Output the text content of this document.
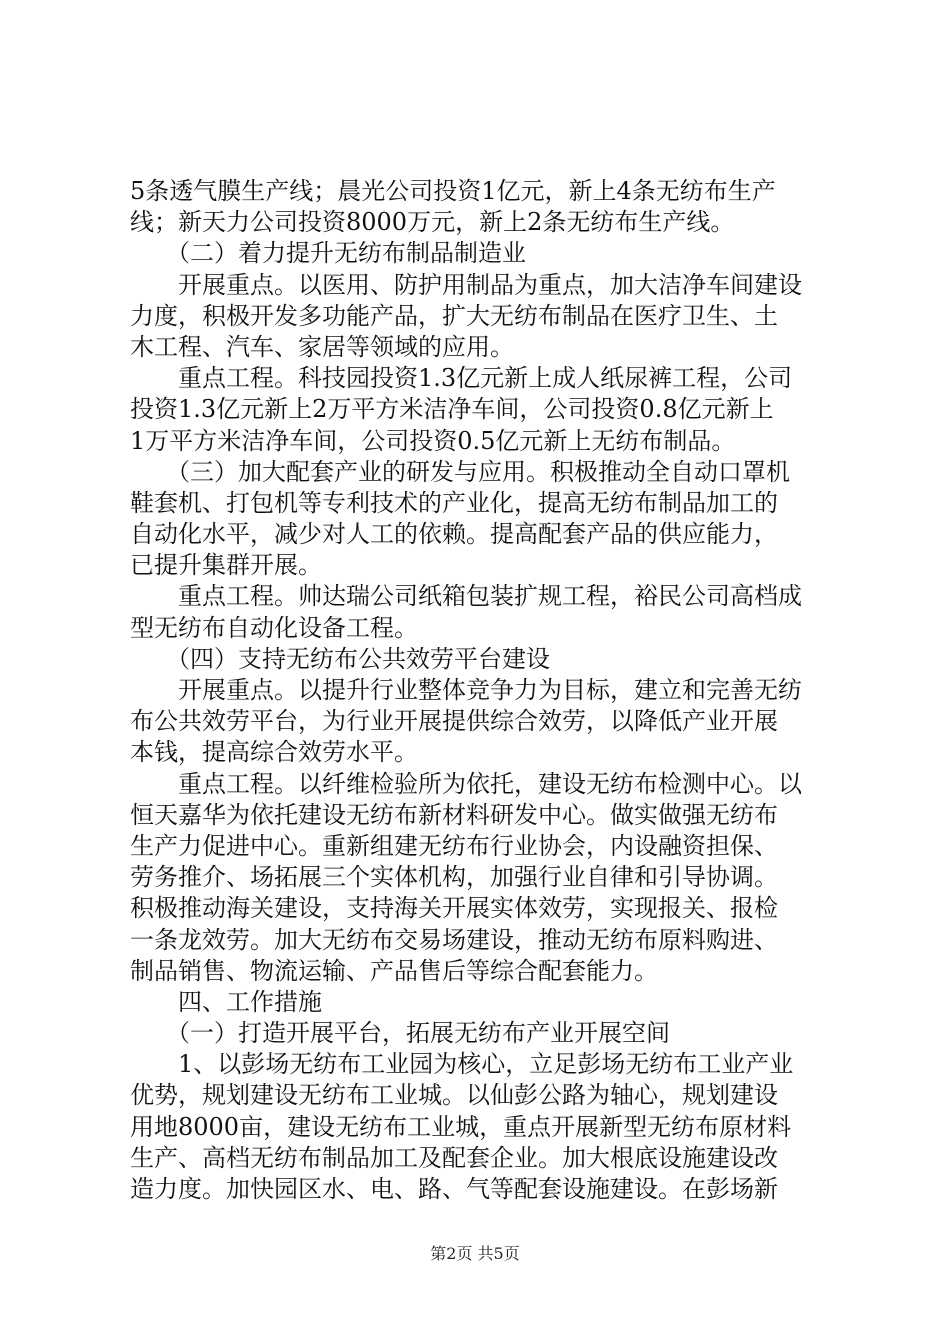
5条透气膜生产线；晨光公司投资1亿元，新上4条无纺布生产
线；新天力公司投资8000万元，新上2条无纺布生产线。
　　（二）着力提升无纺布制品制造业
　　开展重点。以医用、防护用制品为重点，加大洁净车间建设
力度，积极开发多功能产品，扩大无纺布制品在医疗卫生、土
木工程、汽车、家居等领域的应用。
　　重点工程。科技园投资1.3亿元新上成人纸尿裤工程，公司
投资1.3亿元新上2万平方米洁净车间，公司投资0.8亿元新上
1万平方米洁净车间，公司投资0.5亿元新上无纺布制品。
　　（三）加大配套产业的研发与应用。积极推动全自动口罩机
鞋套机、打包机等专利技术的产业化，提高无纺布制品加工的
自动化水平，减少对人工的依赖。提高配套产品的供应能力，
已提升集群开展。
　　重点工程。帅达瑞公司纸箱包装扩规工程，裕民公司高档成
型无纺布自动化设备工程。
　　（四）支持无纺布公共效劳平台建设
　　开展重点。以提升行业整体竞争力为目标，建立和完善无纺
布公共效劳平台，为行业开展提供综合效劳，以降低产业开展
本钱，提高综合效劳水平。
　　重点工程。以纤维检验所为依托，建设无纺布检测中心。以
恒天嘉华为依托建设无纺布新材料研发中心。做实做强无纺布
生产力促进中心。重新组建无纺布行业协会，内设融资担保、
劳务推介、场拓展三个实体机构，加强行业自律和引导协调。
积极推动海关建设，支持海关开展实体效劳，实现报关、报检
一条龙效劳。加大无纺布交易场建设，推动无纺布原料购进、
制品销售、物流运输、产品售后等综合配套能力。
　　四、工作措施
　　（一）打造开展平台，拓展无纺布产业开展空间
　　1、以彭场无纺布工业园为核心，立足彭场无纺布工业产业
优势，规划建设无纺布工业城。以仙彭公路为轴心，规划建设
用地8000亩，建设无纺布工业城，重点开展新型无纺布原材料
生产、高档无纺布制品加工及配套企业。加大根底设施建设改
造力度。加快园区水、电、路、气等配套设施建设。在彭场新
第2页 共5页
